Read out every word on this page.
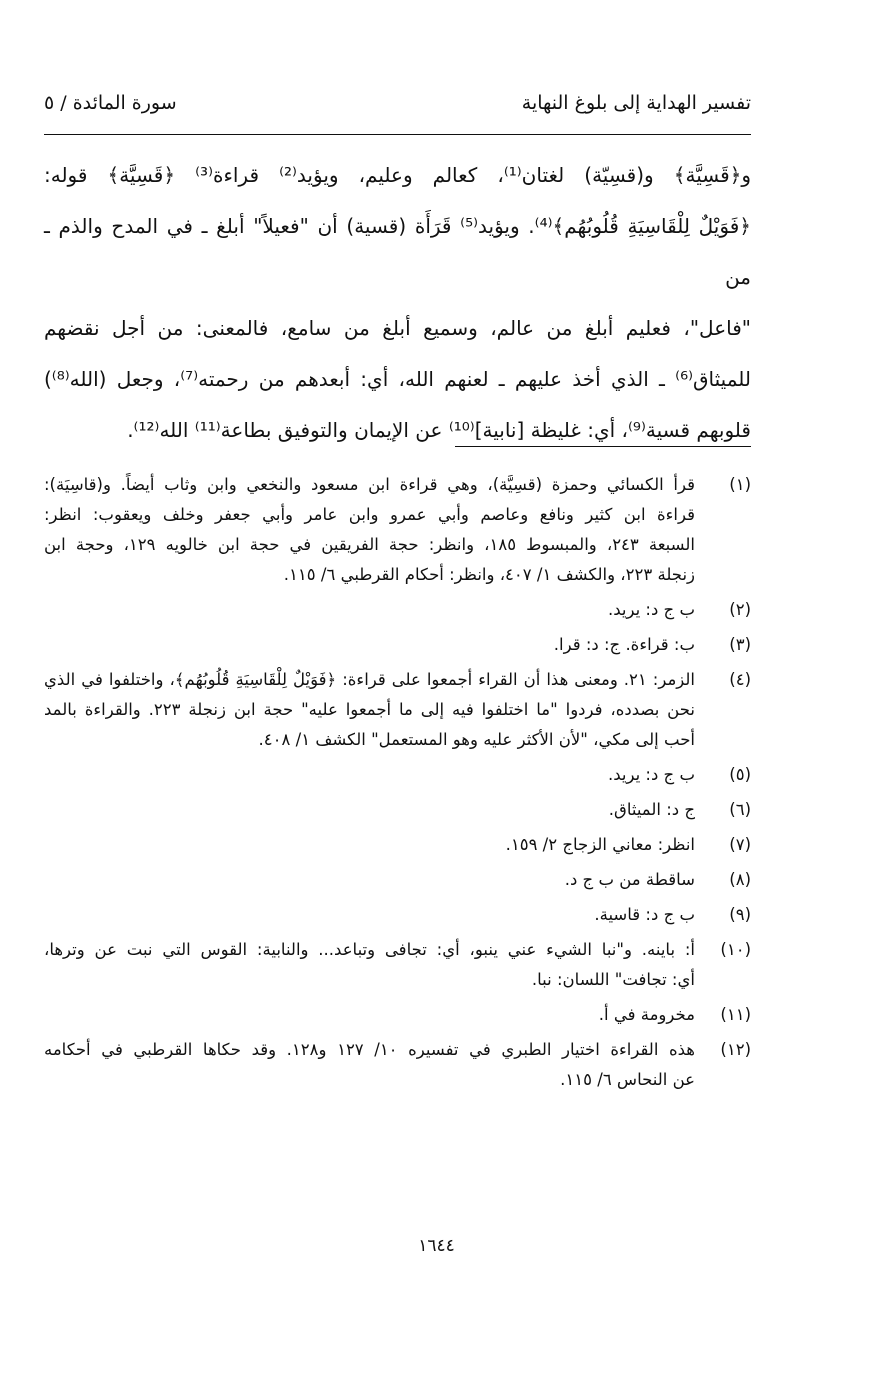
تفسير الهداية إلى بلوغ النهاية
سورة المائدة / ٥

و﴿قَسِيَّة﴾ و(قسِيّة) لغتان⁽¹⁾، كعالم وعليم، ويؤيد⁽²⁾ قراءة⁽³⁾ ﴿قَسِيَّة﴾ قوله:

﴿فَوَيْلٌ لِلْقَاسِيَةِ قُلُوبُهُم﴾⁽⁴⁾. ويؤيد⁽⁵⁾ قَرَأَة (قسية) أن "فعيلاً" أبلغ ـ في المدح والذم ـ من

"فاعل"، فعليم أبلغ من عالم، وسميع أبلغ من سامع، فالمعنى: من أجل نقضهم

للميثاق⁽⁶⁾ ـ الذي أخذ عليهم ـ لعنهم الله، أي: أبعدهم من رحمته⁽⁷⁾، وجعل (الله⁽⁸⁾)

قلوبهم قسية⁽⁹⁾، أي: غليظة [نابية]⁽¹⁰⁾ عن الإيمان والتوفيق بطاعة⁽¹¹⁾ الله⁽¹²⁾.

(١)
قرأ الكسائي وحمزة (قسِيَّة)، وهي قراءة ابن مسعود والنخعي وابن وثاب أيضاً. و(قاسِيَة):
قراءة ابن كثير ونافع وعاصم وأبي عمرو وابن عامر وأبي جعفر وخلف ويعقوب: انظر:
السبعة ٢٤٣، والمبسوط ١٨٥، وانظر: حجة الفريقين في حجة ابن خالويه ١٢٩، وحجة ابن
زنجلة ٢٢٣، والكشف ١/ ٤٠٧، وانظر: أحكام القرطبي ٦/ ١١٥.
(٢)
ب ج د: يريد.
(٣)
ب: قراءة. ج: د: قرا.
(٤)
الزمر: ٢١. ومعنى هذا أن القراء أجمعوا على قراءة: ﴿فَوَيْلٌ لِلْقَاسِيَةِ قُلُوبُهُم﴾، واختلفوا في الذي
نحن بصدده، فردوا "ما اختلفوا فيه إلى ما أجمعوا عليه" حجة ابن زنجلة ٢٢٣. والقراءة بالمد
أحب إلى مكي، "لأن الأكثر عليه وهو المستعمل" الكشف ١/ ٤٠٨.
(٥)
ب ج د: يريد.
(٦)
ج د: الميثاق.
(٧)
انظر: معاني الزجاج ٢/ ١٥٩.
(٨)
ساقطة من ب ج د.
(٩)
ب ج د: قاسية.
(١٠)
أ: باينه. و"نبا الشيء عني ينبو، أي: تجافى وتباعد... والنابية: القوس التي نبت عن وترها،
أي: تجافت" اللسان: نبا.
(١١)
مخرومة في أ.
(١٢)
هذه القراءة اختيار الطبري في تفسيره ١٠/ ١٢٧ و١٢٨. وقد حكاها القرطبي في أحكامه
عن النحاس ٦/ ١١٥.
١٦٤٤
